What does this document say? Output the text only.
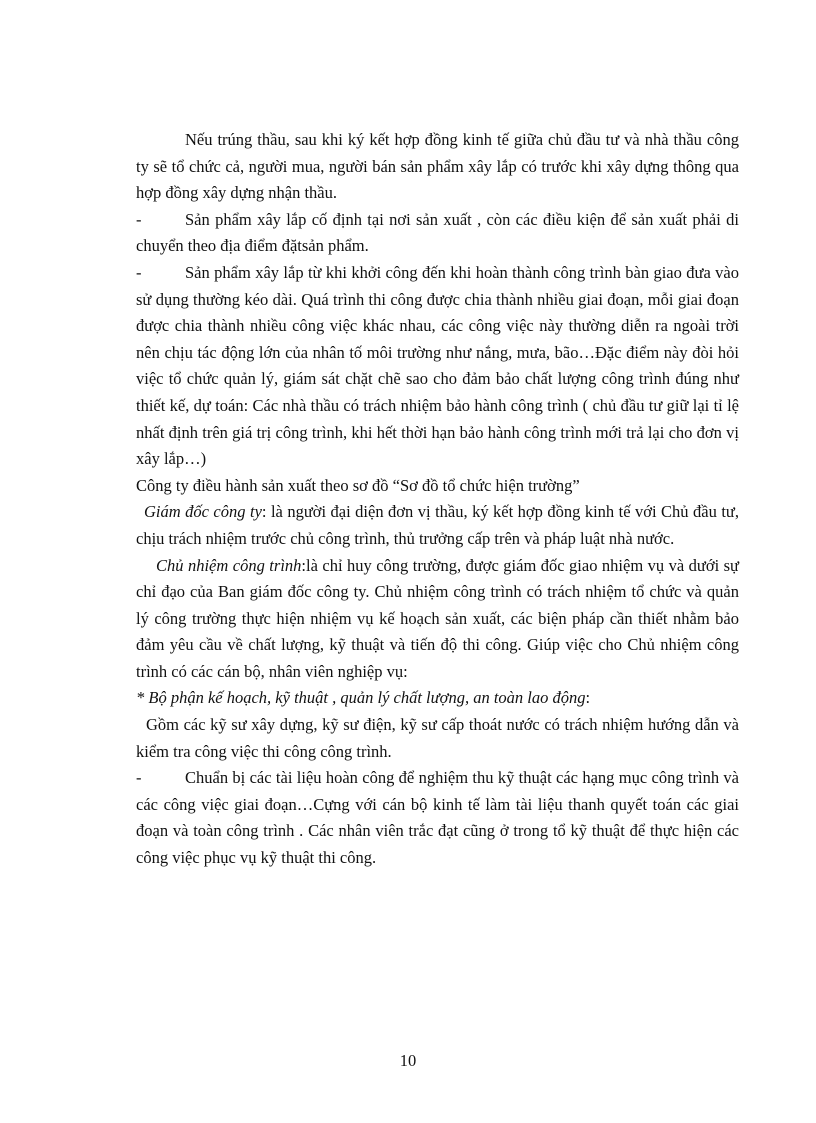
Nếu trúng thầu, sau khi ký kết hợp đồng kinh tế giữa chủ đầu tư và nhà thầu công ty sẽ tổ chức cả, người mua, người bán sản phẩm xây lắp có trước khi xây dựng thông qua hợp đồng xây dựng nhận thầu.

-	Sản phẩm xây lắp cố định tại nơi sản xuất , còn các điều kiện để sản xuất phải di chuyển theo địa điểm đặtsản phẩm.

-	Sản phẩm xây lắp từ khi khởi công đến khi hoàn thành công trình bàn giao đưa vào sử dụng thường kéo dài. Quá trình thi công được chia thành nhiều giai đoạn, mỗi giai đoạn được chia thành nhiều công việc khác nhau, các công việc này thường diễn ra ngoài trời nên chịu tác động lớn của nhân tố môi trường như nắng, mưa, bão…Đặc điểm này đòi hỏi việc tổ chức quản lý, giám sát chặt chẽ sao cho đảm bảo chất lượng công trình đúng như thiết kế, dự toán: Các nhà thầu có trách nhiệm bảo hành công trình ( chủ đầu tư giữ lại tỉ lệ nhất định trên giá trị công trình, khi hết thời hạn bảo hành công trình mới trả lại cho đơn vị xây lắp…)

Công ty điều hành sản xuất theo sơ đồ “Sơ đồ tổ chức hiện trường”

Giám đốc công ty: là người đại diện đơn vị thầu, ký kết hợp đồng kinh tế với Chủ đầu tư, chịu trách nhiệm trước chủ công trình, thủ trưởng cấp trên và pháp luật nhà nước.

Chủ nhiệm công trình:là chỉ huy công trường, được giám đốc giao nhiệm vụ và dưới sự chỉ đạo của Ban giám đốc công ty. Chủ nhiệm công trình có trách nhiệm tổ chức và quản lý công trường thực hiện nhiệm vụ kế hoạch sản xuất, các biện pháp cần thiết nhằm bảo đảm yêu cầu về chất lượng, kỹ thuật và tiến độ thi công. Giúp việc cho Chủ nhiệm công trình có các cán bộ, nhân viên nghiệp vụ:

* Bộ phận kế hoạch, kỹ thuật , quản lý chất lượng, an toàn lao động:

Gồm các kỹ sư xây dựng, kỹ sư điện, kỹ sư cấp thoát nước có trách nhiệm hướng dẫn và kiểm tra công việc thi công công trình.

-	Chuẩn bị các tài liệu hoàn công để nghiệm thu kỹ thuật các hạng mục công trình và các công việc giai đoạn…Cựng với cán bộ kinh tế làm tài liệu thanh quyết toán các giai đoạn và toàn công trình . Các nhân viên trắc đạt cũng ở trong tổ kỹ thuật để thực hiện các công việc phục vụ kỹ thuật thi công.

10
